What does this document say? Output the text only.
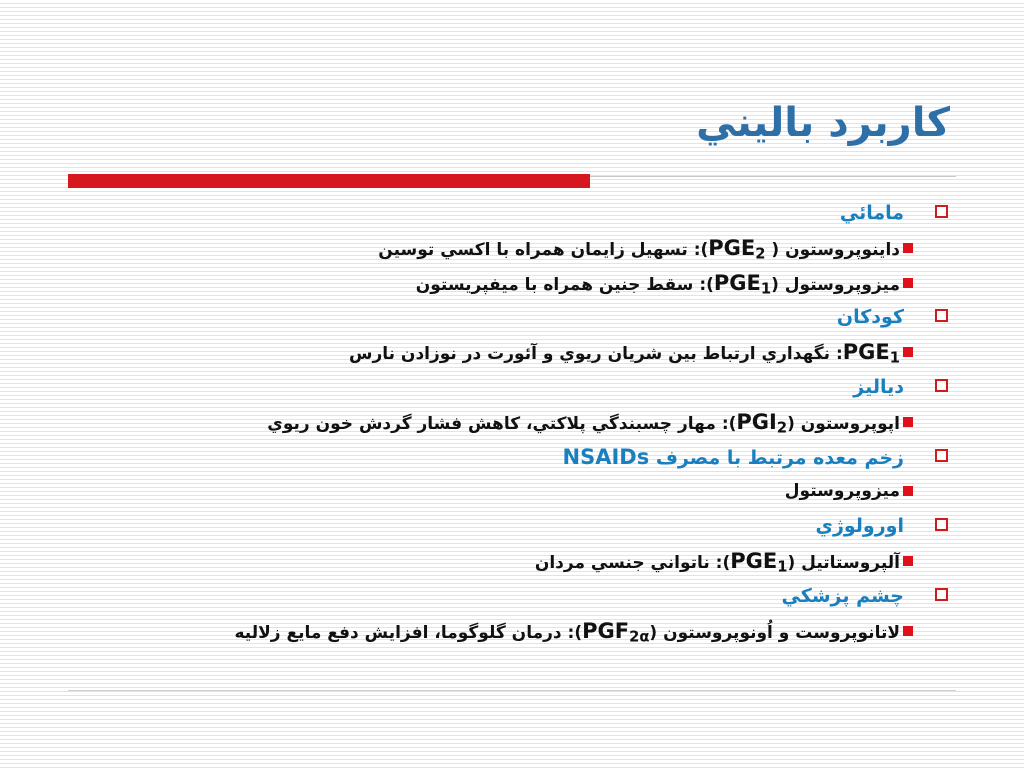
كاربرد باليني
مامائي
داينوپروستون ( $PGE_2$): تسهيل زايمان همراه با اكسي توسين
ميزوپروستول $(PGE_1)$: سقط جنين همراه با ميفپريستون
كودكان
$PGE_1$: نگهداري ارتباط بين شريان ريوي و آئورت در نوزادن نارس
دياليز
اپوپروستون $(PGI_2)$: مهار چسبندگي پلاكتي، كاهش فشار گردش خون ريوي
زخم معده مرتبط با مصرف NSAIDs
ميزوپروستول
اورولوژي
آلپروستاتيل $(PGE_1)$: ناتواني جنسي مردان
چشم پزشكي
لاتانوپروست و اُونوپروستون $(PGF_{2\alpha})$: درمان گلوگوما، افزايش دفع مايع زلاليه
